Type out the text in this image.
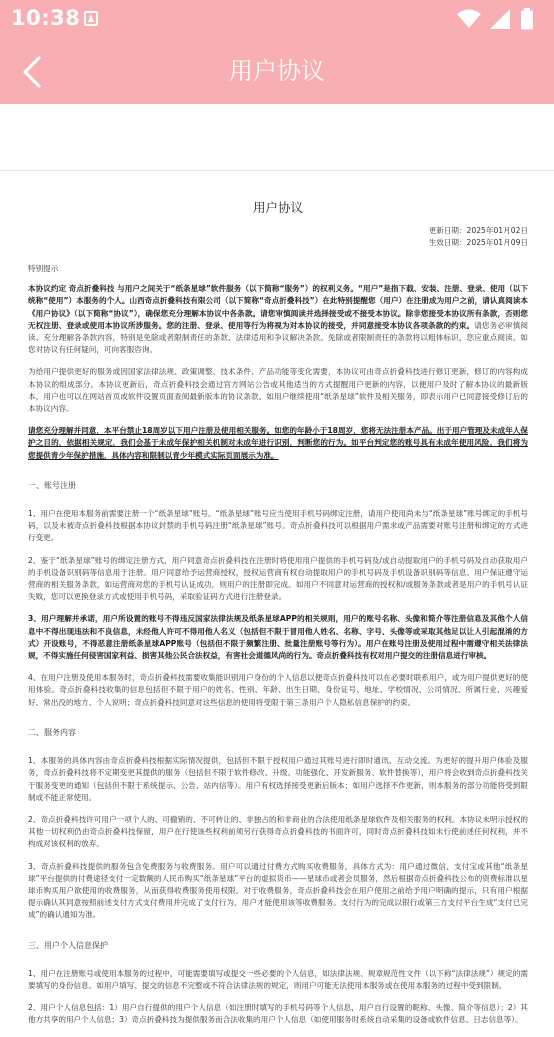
10:38
用户协议
用户协议
更新日期：2025年01月02日
生效日期：2025年01月09日
特别提示
本协议约定 奇点折叠科技 与用户之间关于“纸条星球”软件服务（以下简称“服务”）的权利义务。“用户”是指下载、安装、注册、登录、使用（以下统称“使用”）本服务的个人。山西奇点折叠科技有限公司（以下简称“奇点折叠科技”）在此特别提醒您（用户）在注册成为用户之前，请认真阅读本《用户协议》（以下简称“协议”），确保您充分理解本协议中各条款。请您审慎阅读并选择接受或不接受本协议。除非您接受本协议所有条款，否则您无权注册、登录或使用本协议所涉服务。您的注册、登录、使用等行为将视为对本协议的接受，并同意接受本协议各项条款的约束。请您务必审慎阅读、充分理解各条款内容，特别是免除或者限制责任的条款、法律适用和争议解决条款。免除或者限制责任的条款将以粗体标识，您应重点阅读。如您对协议有任何疑问，可向客服咨询。
为给用户提供更好的服务或因国家法律法规、政策调整、技术条件、产品功能等变化需要，本协议可由奇点折叠科技进行修订更新，修订的内容构成本协议的组成部分。本协议更新后，奇点折叠科技会通过官方网站公告或其他适当的方式提醒用户更新的内容，以便用户及时了解本协议的最新版本，用户也可以在网站首页或软件设置页面查阅最新版本的协议条款。如用户继续使用“纸条星球”软件及相关服务，即表示用户已同意接受修订后的本协议内容。
请您充分理解并同意，本平台禁止18周岁以下用户注册及使用相关服务。如您的年龄小于18周岁，您将无法注册本产品。出于用户管理及未成年人保护之目的，依据相关规定，我们会基于未成年保护相关机制对未成年进行识别，判断您的行为。如平台判定您的账号具有未成年使用风险，我们将为您提供青少年保护措施，具体内容和限制以青少年模式实际页面展示为准。
一、账号注册
1、用户在使用本服务前需要注册一个“纸条星球”账号。“纸条星球”账号应当使用手机号码绑定注册，请用户使用尚未与“纸条星球”账号绑定的手机号码，以及未被奇点折叠科技根据本协议封禁的手机号码注册“纸条星球”账号。奇点折叠科技可以根据用户需求或产品需要对账号注册和绑定的方式进行变更。
2、鉴于“纸条星球”账号的绑定注册方式，用户同意奇点折叠科技在注册时将使用用户提供的手机号码及/或自动提取用户的手机号码及自动获取用户的手机设备识别码等信息用于注册。用户同意给予运营商授权，授权运营商有权自动提取用户的手机号码及手机设备识别码等信息。用户保证遵守运营商的相关服务条款，如运营商对您的手机号认证成功，则用户的注册即完成。如用户不同意对运营商的授权和/或服务条款或者是用户的手机号认证失败，您可以更换登录方式或使用手机号码，采取验证码方式进行注册登录。
3、用户理解并承诺，用户所设置的账号不得违反国家法律法规及纸条星球APP的相关规则，用户的账号名称、头像和简介等注册信息及其他个人信息中不得出现违法和不良信息，未经他人许可不得用他人名义（包括但不限于冒用他人姓名、名称、字号、头像等或采取其他足以让人引起混淆的方式）开设账号，不得恶意注册纸条星球APP账号（包括但不限于频繁注册、批量注册账号等行为）。用户在账号注册及使用过程中需遵守相关法律法规，不得实施任何侵害国家利益、损害其他公民合法权益，有害社会道德风尚的行为。奇点折叠科技有权对用户提交的注册信息进行审核。
4、在用户注册及使用本服务时，奇点折叠科技需要收集能识别用户身份的个人信息以便奇点折叠科技可以在必要时联系用户，或为用户提供更好的使用体验。奇点折叠科技收集的信息包括但不限于用户的姓名、性别、年龄、出生日期、身份证号、地址、学校情况、公司情况、所属行业、兴趣爱好、常出没的地方、个人说明；奇点折叠科技同意对这些信息的使用将受限于第三条用户个人隐私信息保护的约束。
二、服务内容
1、本服务的具体内容由奇点折叠科技根据实际情况提供，包括但不限于授权用户通过其账号进行即时通讯、互动交流。为更好的提升用户体验及服务，奇点折叠科技将不定期变更其提供的服务（包括但不限于软件修改、升级、功能强化、开发新服务、软件替换等），用户将会收到奇点折叠科技关于服务变更的通知（包括但不限于系统提示、公告、站内信等）。用户有权选择接受更新后版本；如用户选择不作更新，则本服务的部分功能将受到限制或不能正常使用。
2、奇点折叠科技许可用户一项个人的、可撤销的、不可转让的、非独占的和非商业的合法使用纸条星球软件及相关服务的权利。本协议未明示授权的其他一切权利仍由奇点折叠科技保留，用户在行使该些权利前须另行获得奇点折叠科技的书面许可，同时奇点折叠科技如未行使前述任何权利，并不构成对该权利的放弃。
3、奇点折叠科技提供的服务包含免费服务与收费服务。用户可以通过付费方式购买收费服务，具体方式为：用户通过微信、支付宝或其他“纸条星球”平台提供的付费途径支付一定数额的人民币购买“纸条星球”平台的虚拟货币——星球币或者会员服务，然后根据奇点折叠科技公布的资费标准以星球币购买用户欲使用的收费服务，从而获得收费服务使用权限。对于收费服务，奇点折叠科技会在用户使用之前给予用户明确的提示，只有用户根据提示确认其同意按照前述支付方式支付费用并完成了支付行为，用户才能使用该等收费服务。支付行为的完成以银行或第三方支付平台生成“支付已完成”的确认通知为准。
三、用户个人信息保护
1、用户在注册账号或使用本服务的过程中，可能需要填写或提交一些必要的个人信息，如法律法规、规章规范性文件（以下称“法律法规”）规定的需要填写的身份信息。如用户填写、提交的信息不完整或不符合法律法规的规定，则用户可能无法使用本服务或在使用本服务的过程中受到限制。
2、用户个人信息包括：1）用户自行提供的用户个人信息（如注册时填写的手机号码等个人信息，用户自行设置的昵称、头像、简介等信息）；2）其他方共享的用户个人信息；3）奇点折叠科技为提供服务而合法收集的用户个人信息（如使用服务时系统自动采集的设备或软件信息、日志信息等）。
